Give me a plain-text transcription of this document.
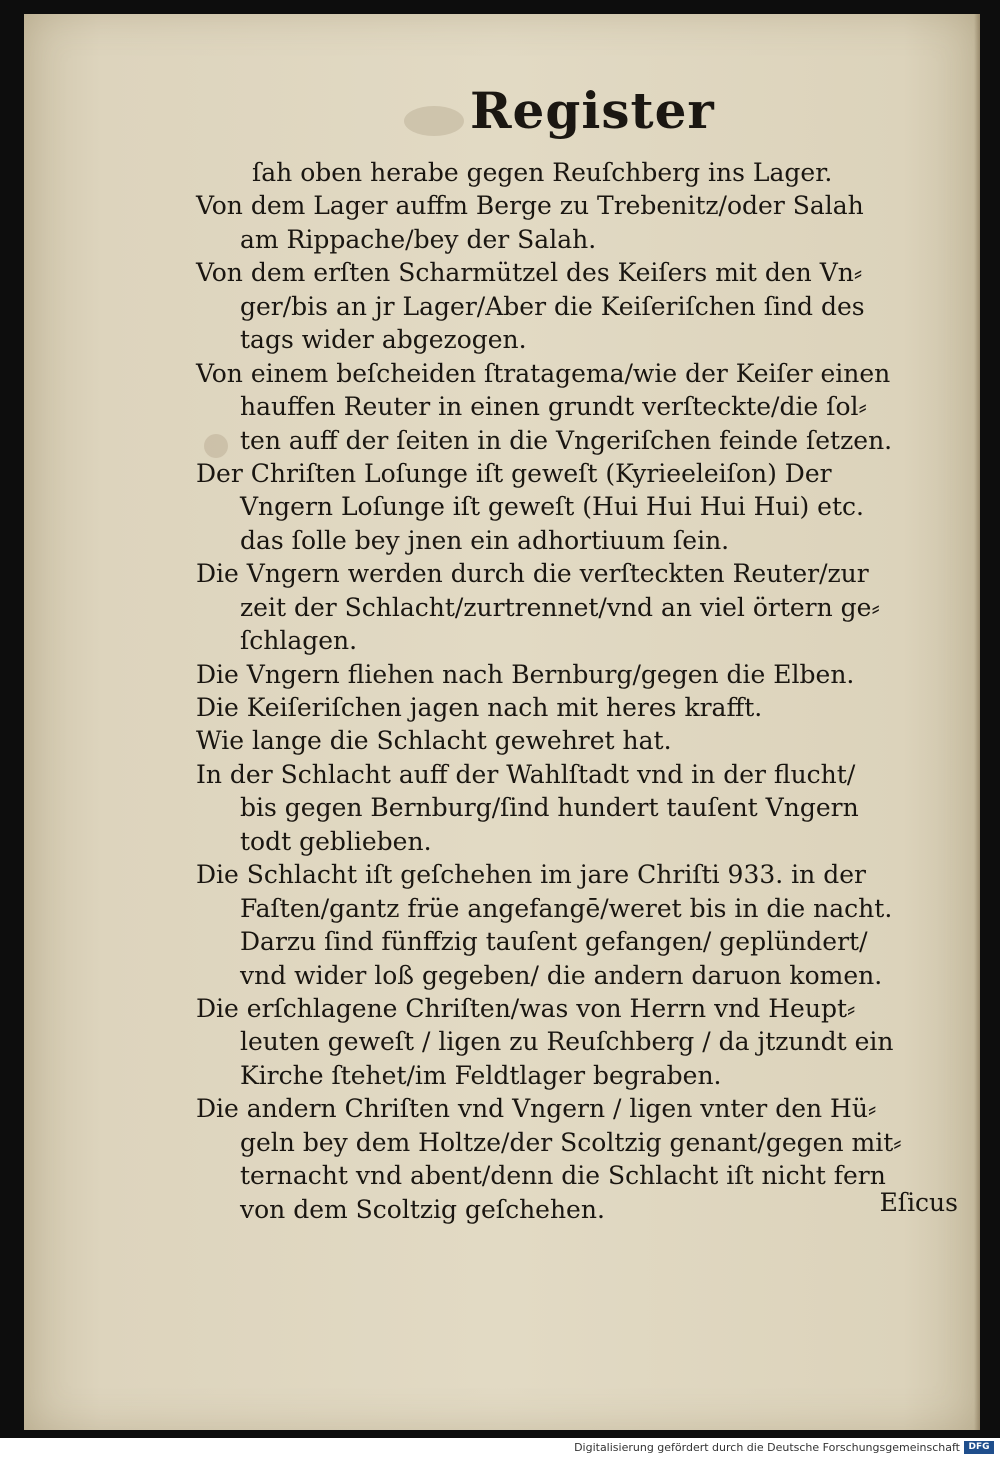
Register
ſah oben herabe gegen Reuſchberg ins Lager.
Von dem Lager auffm Berge zu Trebenitz/oder Salah
am Rippache/bey der Salah.
Von dem erſten Scharmützel des Keiſers mit den Vn⸗
ger/bis an jr Lager/Aber die Keiſeriſchen ſind des
tags wider abgezogen.
Von einem beſcheiden ſtratagema/wie der Keiſer einen
hauffen Reuter in einen grundt verſteckte/die ſol⸗
ten auff der ſeiten in die Vngeriſchen feinde ſetzen.
Der Chriſten Loſunge iſt geweſt (Kyrieeleiſon) Der
Vngern Loſunge iſt geweſt (Hui Hui Hui Hui) etc.
das ſolle bey jnen ein adhortiuum ſein.
Die Vngern werden durch die verſteckten Reuter/zur
zeit der Schlacht/zurtrennet/vnd an viel örtern ge⸗
ſchlagen.
Die Vngern fliehen nach Bernburg/gegen die Elben.
Die Keiſeriſchen jagen nach mit heres krafft.
Wie lange die Schlacht gewehret hat.
In der Schlacht auff der Wahlſtadt vnd in der flucht/
bis gegen Bernburg/ſind hundert tauſent Vngern
todt geblieben.
Die Schlacht iſt geſchehen im jare Chriſti 933. in der
Faſten/gantz früe angefangē/weret bis in die nacht.
Darzu ſind fünffzig tauſent gefangen/ geplündert/
vnd wider loß gegeben/ die andern daruon komen.
Die erſchlagene Chriſten/was von Herrn vnd Heupt⸗
leuten geweſt / ligen zu Reuſchberg / da jtzundt ein
Kirche ſtehet/im Feldtlager begraben.
Die andern Chriſten vnd Vngern / ligen vnter den Hü⸗
geln bey dem Holtze/der Scoltzig genant/gegen mit⸗
ternacht vnd abent/denn die Schlacht iſt nicht fern
von dem Scoltzig geſchehen.	Eſicus
Digitalisierung gefördert durch die Deutsche Forschungsgemeinschaft DFG
